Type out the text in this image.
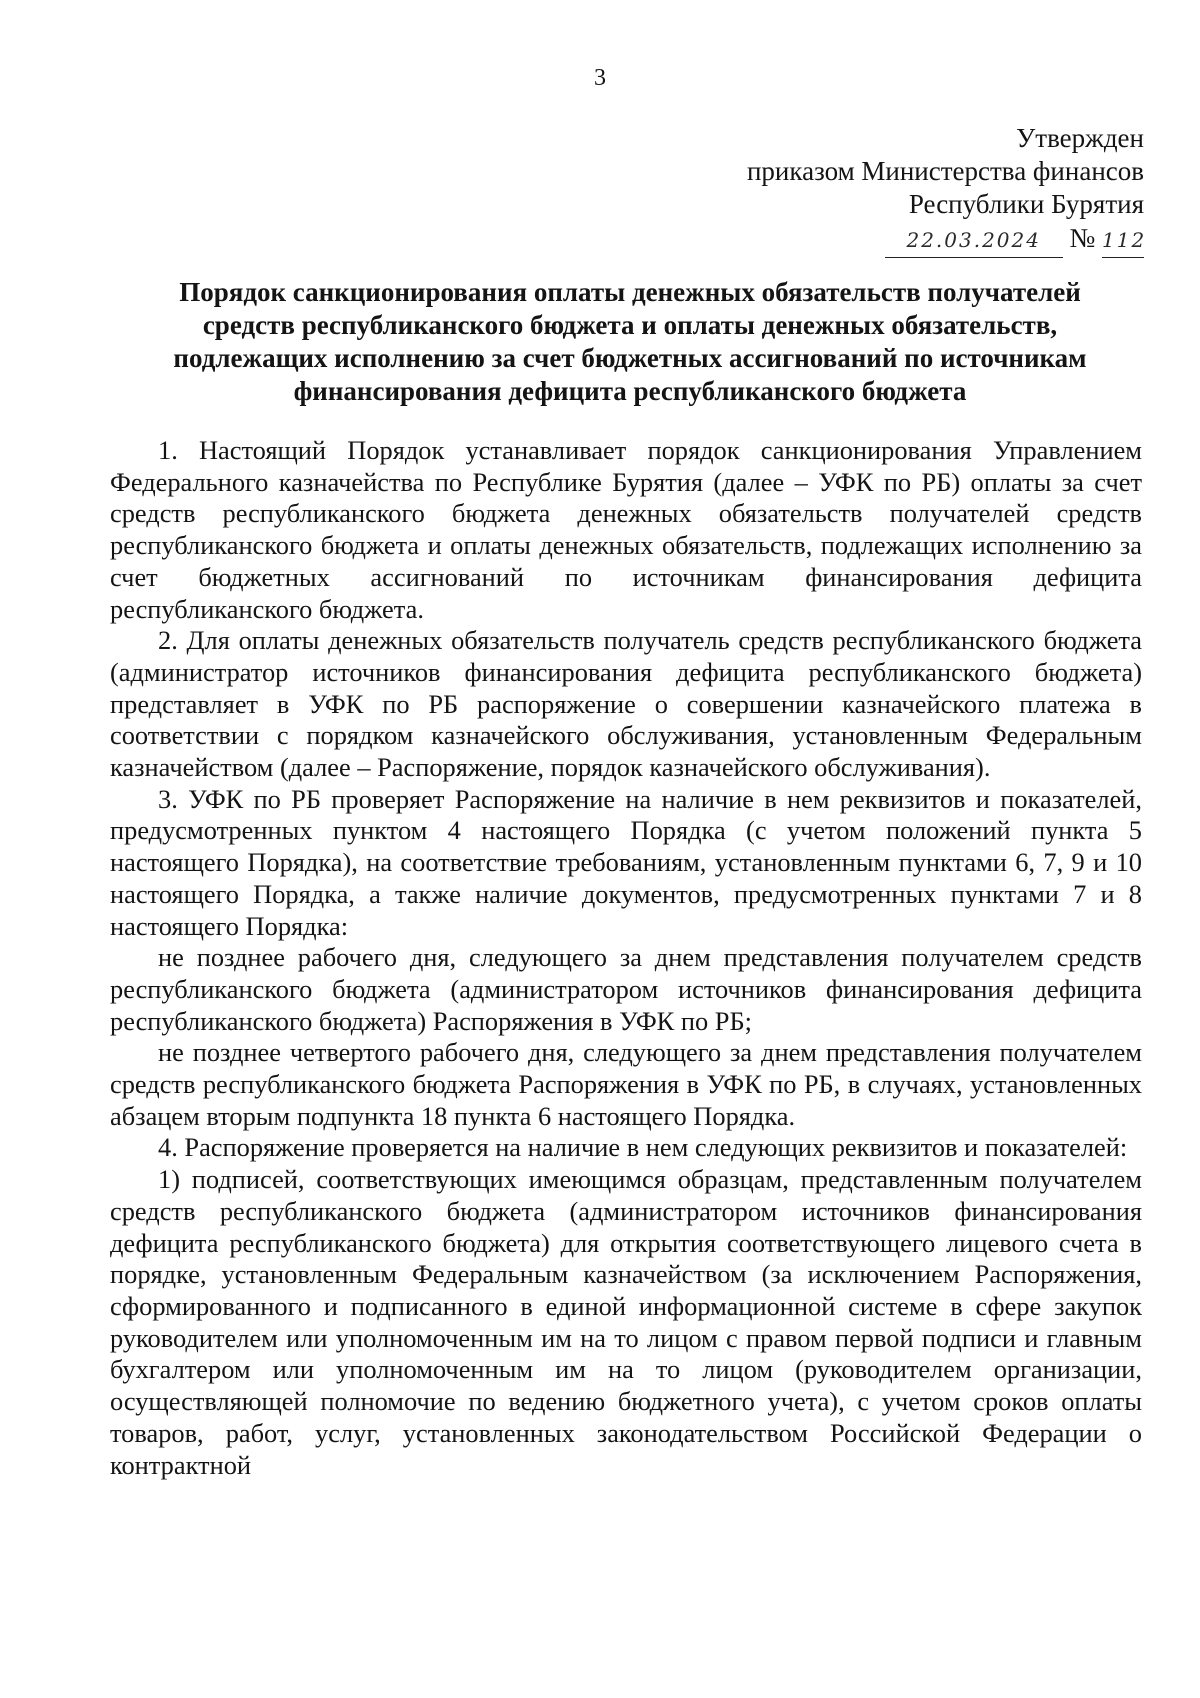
3
Утвержден
приказом Министерства финансов
Республики Бурятия
22.03.2024 № 112
Порядок санкционирования оплаты денежных обязательств получателей
средств республиканского бюджета и оплаты денежных обязательств,
подлежащих исполнению за счет бюджетных ассигнований по источникам
финансирования дефицита республиканского бюджета

1. Настоящий Порядок устанавливает порядок санкционирования Управлением Федерального казначейства по Республике Бурятия (далее – УФК по РБ) оплаты за счет средств республиканского бюджета денежных обязательств получателей средств республиканского бюджета и оплаты денежных обязательств, подлежащих исполнению за счет бюджетных ассигнований по источникам финансирования дефицита республиканского бюджета.

2. Для оплаты денежных обязательств получатель средств республиканского бюджета (администратор источников финансирования дефицита республиканского бюджета) представляет в УФК по РБ распоряжение о совершении казначейского платежа в соответствии с порядком казначейского обслуживания, установленным Федеральным казначейством (далее – Распоряжение, порядок казначейского обслуживания).

3. УФК по РБ проверяет Распоряжение на наличие в нем реквизитов и показателей, предусмотренных пунктом 4 настоящего Порядка (с учетом положений пункта 5 настоящего Порядка), на соответствие требованиям, установленным пунктами 6, 7, 9 и 10 настоящего Порядка, а также наличие документов, предусмотренных пунктами 7 и 8 настоящего Порядка:

не позднее рабочего дня, следующего за днем представления получателем средств республиканского бюджета (администратором источников финансирования дефицита республиканского бюджета) Распоряжения в УФК по РБ;

не позднее четвертого рабочего дня, следующего за днем представления получателем средств республиканского бюджета Распоряжения в УФК по РБ, в случаях, установленных абзацем вторым подпункта 18 пункта 6 настоящего Порядка.

4. Распоряжение проверяется на наличие в нем следующих реквизитов и показателей:

1) подписей, соответствующих имеющимся образцам, представленным получателем средств республиканского бюджета (администратором источников финансирования дефицита республиканского бюджета) для открытия соответствующего лицевого счета в порядке, установленным Федеральным казначейством (за исключением Распоряжения, сформированного и подписанного в единой информационной системе в сфере закупок руководителем или уполномоченным им на то лицом с правом первой подписи и главным бухгалтером или уполномоченным им на то лицом (руководителем организации, осуществляющей полномочие по ведению бюджетного учета), с учетом сроков оплаты товаров, работ, услуг, установленных законодательством Российской Федерации о контрактной
